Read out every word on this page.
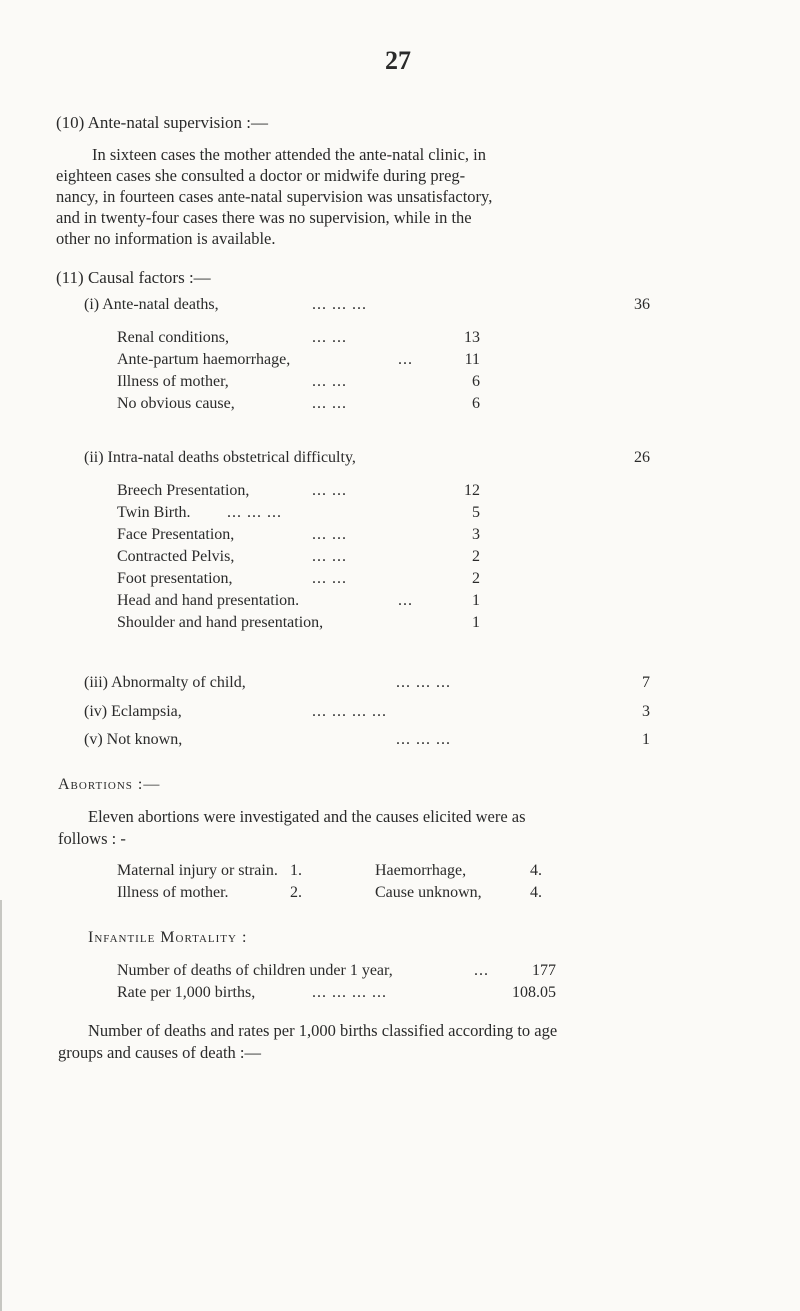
27
(10) Ante-natal supervision :—
In sixteen cases the mother attended the ante-natal clinic, in
eighteen cases she consulted a doctor or midwife during preg-
nancy, in fourteen cases ante-natal supervision was unsatisfactory,
and in twenty-four cases there was no supervision, while in the
other no information is available.
(11) Causal factors :—
(i) Ante-natal deaths,	... ... ...	36
Renal conditions,	... ...	13
Ante-partum haemorrhage,	...	11
Illness of mother,	... ...	6
No obvious cause,	... ...	6
(ii) Intra-natal deaths obstetrical difficulty,	26
Breech Presentation,	... ...	12
Twin Birth. ... ... ...	5
Face Presentation,	... ...	3
Contracted Pelvis,	... ...	2
Foot presentation,	... ...	2
Head and hand presentation.	...	1
Shoulder and hand presentation,	1
(iii) Abnormalty of child,	... ... ...	7
(iv) Eclampsia,	... ... ... ...	3
(v) Not known,	... ... ...	1
Abortions :—
Eleven abortions were investigated and the causes elicited were as
follows : -
Maternal injury or strain. 1.	Haemorrhage,	4.
Illness of mother.	2.	Cause unknown,	4.
Infantile Mortality :
Number of deaths of children under 1 year,	...	177
Rate per 1,000 births,	... ... ... ...	108.05
Number of deaths and rates per 1,000 births classified according to age
groups and causes of death :—
